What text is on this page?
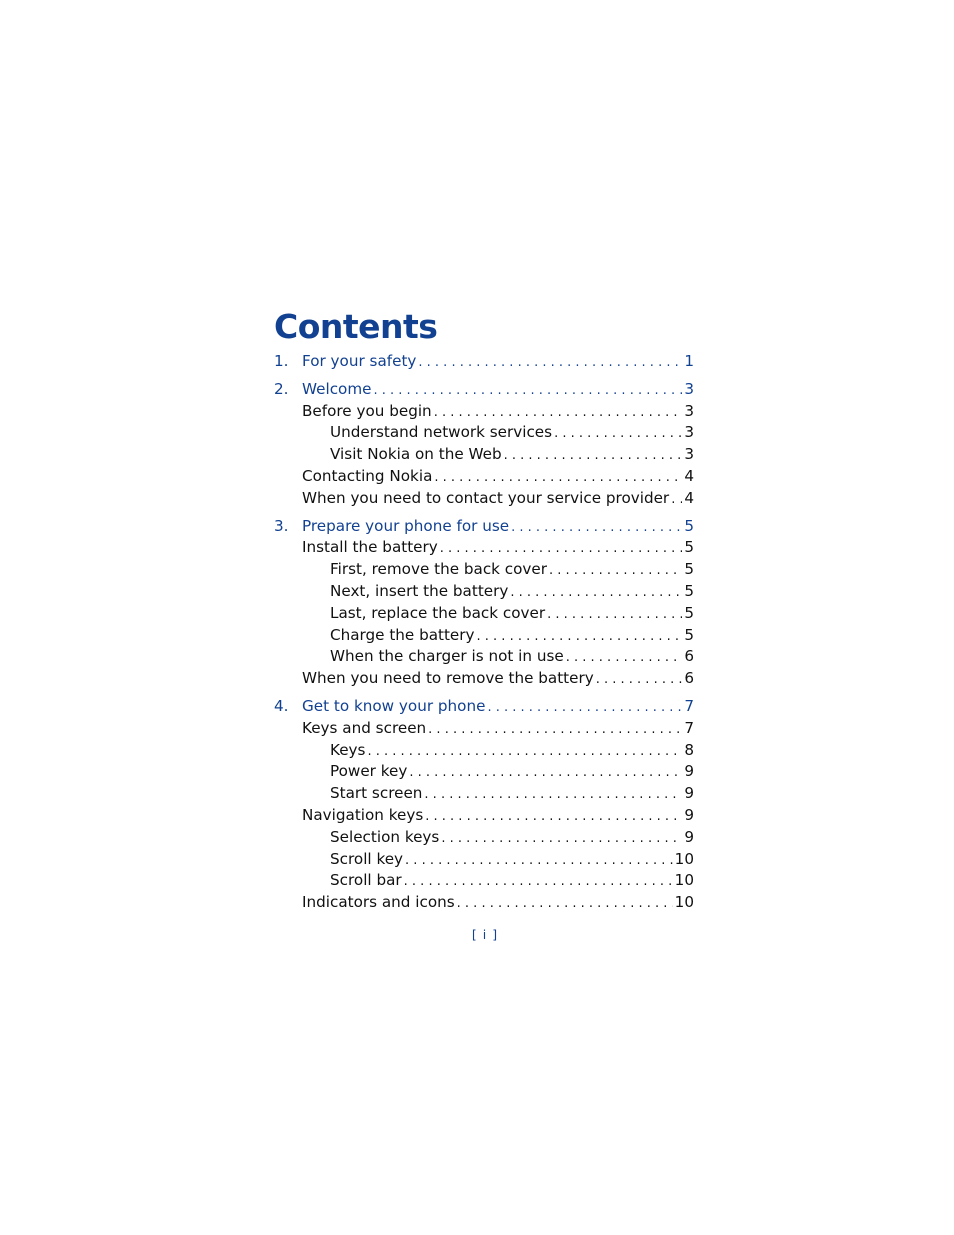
Contents
1. For your safety . . .	1
2. Welcome . . .	3
Before you begin . . .	3
Understand network services . . .	3
Visit Nokia on the Web . . .	3
Contacting Nokia . . .	4
When you need to contact your service provider . . . 4
3. Prepare your phone for use . . .	5
Install the battery . . .	5
First, remove the back cover . . .	5
Next, insert the battery . . .	5
Last, replace the back cover . . .	5
Charge the battery . . .	5
When the charger is not in use . . .	6
When you need to remove the battery . . .	6
4. Get to know your phone . . .	7
Keys and screen . . .	7
Keys . . .	8
Power key . . .	9
Start screen . . .	9
Navigation keys . . .	9
Selection keys . . .	9
Scroll key . . .	10
Scroll bar . . .	10
Indicators and icons . . .	10
[ i ]
